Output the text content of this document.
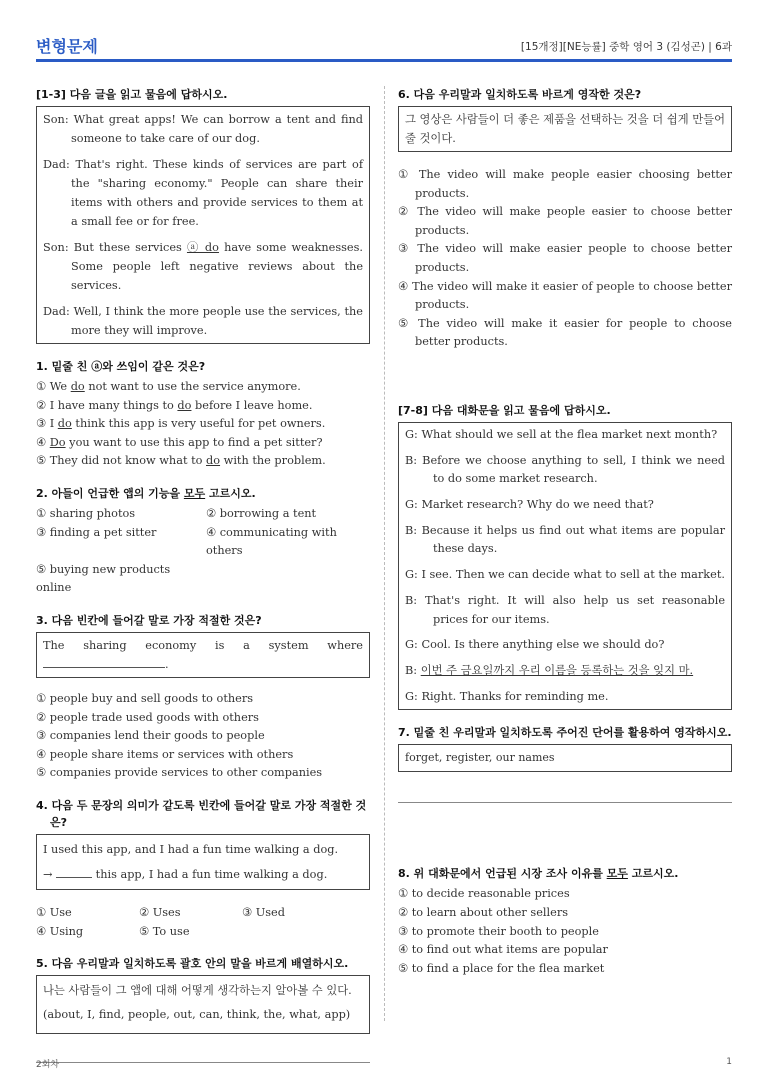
변형문제	[15개정][NE능률] 중학 영어 3 (김성곤) | 6과
[1-3] 다음 글을 읽고 물음에 답하시오.
Son: What great apps! We can borrow a tent and find someone to take care of our dog.
Dad: That's right. These kinds of services are part of the "sharing economy." People can share their items with others and provide services to them at a small fee or for free.
Son: But these services ⓐ do have some weaknesses. Some people left negative reviews about the services.
Dad: Well, I think the more people use the services, the more they will improve.
1. 밑줄 친 ⓐ와 쓰임이 같은 것은?
① We do not want to use the service anymore.
② I have many things to do before I leave home.
③ I do think this app is very useful for pet owners.
④ Do you want to use this app to find a pet sitter?
⑤ They did not know what to do with the problem.
2. 아들이 언급한 앱의 기능을 모두 고르시오.
① sharing photos	② borrowing a tent
③ finding a pet sitter	④ communicating with others
⑤ buying new products online
3. 다음 빈칸에 들어갈 말로 가장 적절한 것은?
The sharing economy is a system where
.
① people buy and sell goods to others
② people trade used goods with others
③ companies lend their goods to people
④ people share items or services with others
⑤ companies provide services to other companies
4. 다음 두 문장의 의미가 같도록 빈칸에 들어갈 말로 가장 적절한 것은?
I used this app, and I had a fun time walking a dog.
→	this app, I had a fun time walking a dog.
① Use	② Uses	③ Used
④ Using	⑤ To use
5. 다음 우리말과 일치하도록 괄호 안의 말을 바르게 배열하시오.
나는 사람들이 그 앱에 대해 어떻게 생각하는지 알아볼 수 있다.
(about, I, find, people, out, can, think, the, what, app)
6. 다음 우리말과 일치하도록 바르게 영작한 것은?
그 영상은 사람들이 더 좋은 제품을 선택하는 것을 더 쉽게 만들어 줄 것이다.
① The video will make people easier choosing better products.
② The video will make people easier to choose better products.
③ The video will make easier people to choose better products.
④ The video will make it easier of people to choose better products.
⑤ The video will make it easier for people to choose better products.
[7-8] 다음 대화문을 읽고 물음에 답하시오.
G: What should we sell at the flea market next month?
B: Before we choose anything to sell, I think we need to do some market research.
G: Market research? Why do we need that?
B: Because it helps us find out what items are popular these days.
G: I see. Then we can decide what to sell at the market.
B: That's right. It will also help us set reasonable prices for our items.
G: Cool. Is there anything else we should do?
B: 이번 주 금요일까지 우리 이름을 등록하는 것을 잊지 마.
G: Right. Thanks for reminding me.
7. 밑줄 친 우리말과 일치하도록 주어진 단어를 활용하여 영작하시오.
forget, register, our names
8. 위 대화문에서 언급된 시장 조사 이유를 모두 고르시오.
① to decide reasonable prices
② to learn about other sellers
③ to promote their booth to people
④ to find out what items are popular
⑤ to find a place for the flea market
2회차	1
